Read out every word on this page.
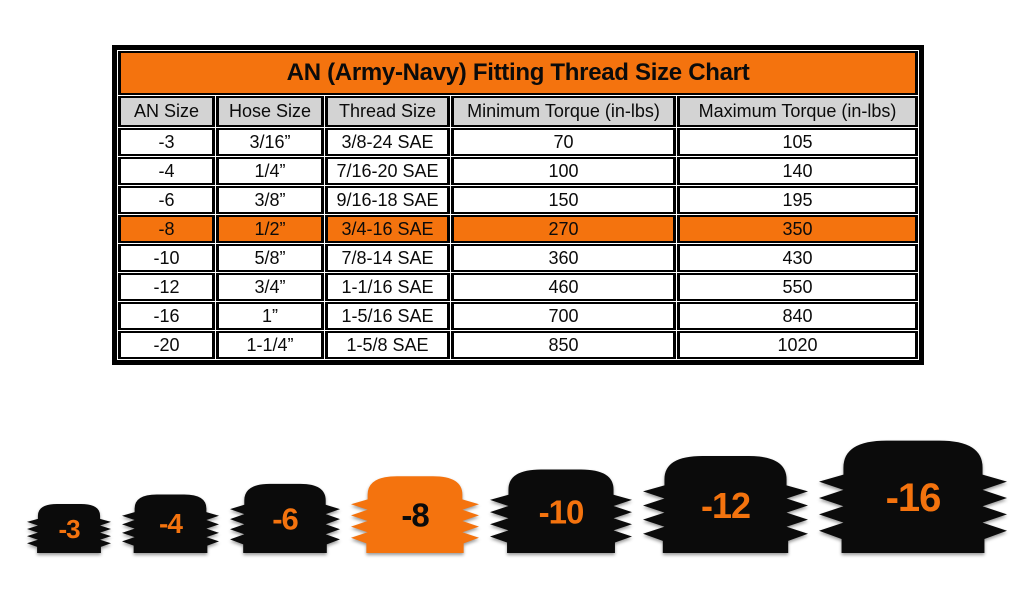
AN (Army-Navy) Fitting Thread Size Chart				
AN Size	Hose Size	Thread Size	Minimum Torque (in-lbs)	Maximum Torque (in-lbs)
-3	3/16”	3/8-24 SAE	70	105
-4	1/4”	7/16-20 SAE	100	140
-6	3/8”	9/16-18 SAE	150	195
-8	1/2”	3/4-16 SAE	270	350
-10	5/8”	7/8-14 SAE	360	430
-12	3/4”	1-1/16 SAE	460	550
-16	1”	1-5/16 SAE	700	840
-20	1-1/4”	1-5/8 SAE	850	1020
-3	-4	-6	-8	-10	-12	-16
